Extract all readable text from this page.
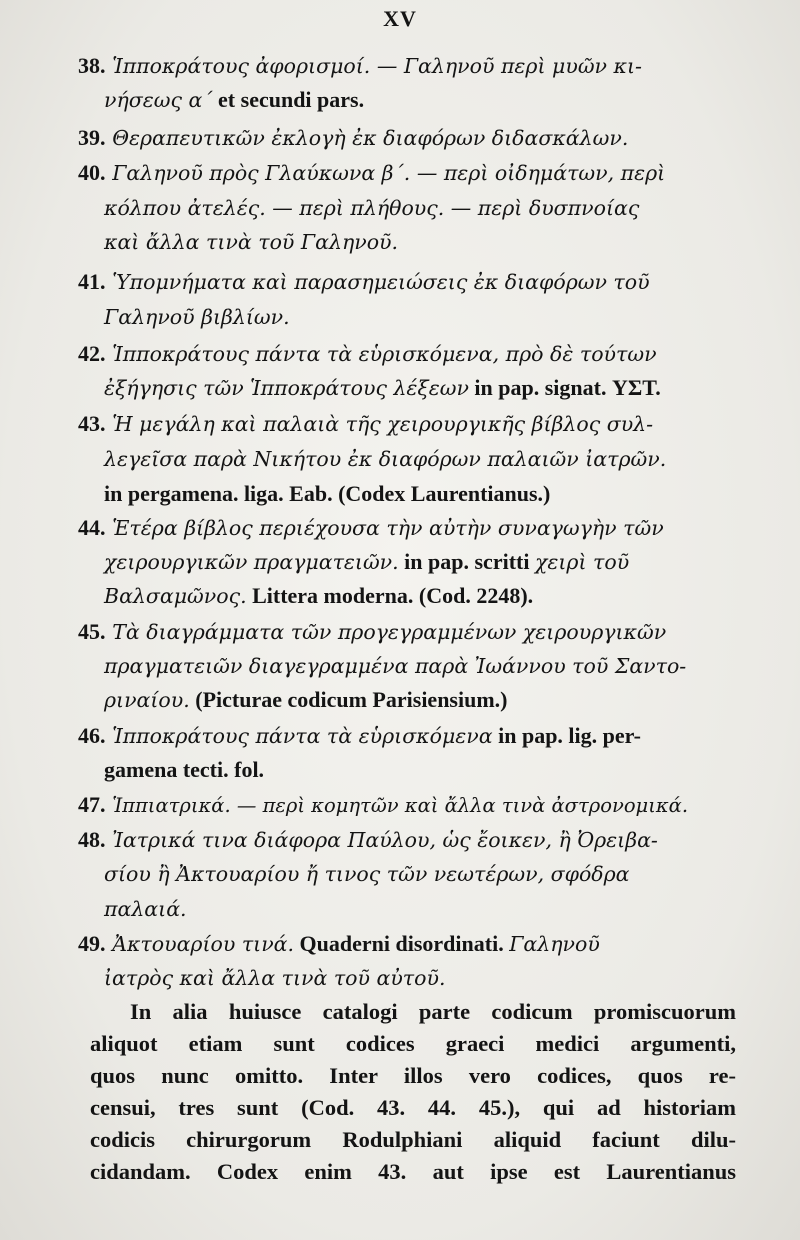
XV
38. Ἱπποκράτους ἀφορισμοί. — Γαληνοῦ περὶ μυῶν κι-
νήσεως α΄ et secundi pars.
39. Θεραπευτικῶν ἐκλογὴ ἐκ διαφόρων διδασκάλων.
40. Γαληνοῦ πρὸς Γλαύκωνα β΄. — περὶ οἰδημάτων, περὶ
κόλπου ἀτελές. — περὶ πλήθους. — περὶ δυσπνοίας
καὶ ἄλλα τινὰ τοῦ Γαληνοῦ.
41. Ὑπομνήματα καὶ παρασημειώσεις ἐκ διαφόρων τοῦ
Γαληνοῦ βιβλίων.
42. Ἱπποκράτους πάντα τὰ εὑρισκόμενα, πρὸ δὲ τούτων
ἐξήγησις τῶν Ἱπποκράτους λέξεων in pap. signat. ΥΣΤ.
43. Ἡ μεγάλη καὶ παλαιὰ τῆς χειρουργικῆς βίβλος συλ-
λεγεῖσα παρὰ Νικήτου ἐκ διαφόρων παλαιῶν ἰατρῶν.
in pergamena. liga. Eab. (Codex Laurentianus.)
44. Ἑτέρα βίβλος περιέχουσα τὴν αὐτὴν συναγωγὴν τῶν
χειρουργικῶν πραγματειῶν. in pap. scritti χειρὶ τοῦ
Βαλσαμῶνος. Littera moderna. (Cod. 2248).
45. Τὰ διαγράμματα τῶν προγεγραμμένων χειρουργικῶν
πραγματειῶν διαγεγραμμένα παρὰ Ἰωάννου τοῦ Σαντο-
ριναίου. (Picturae codicum Parisiensium.)
46. Ἱπποκράτους πάντα τὰ εὑρισκόμενα in pap. lig. per-
gamena tecti. fol.
47. Ἱππιατρικά. — περὶ κομητῶν καὶ ἄλλα τινὰ ἀστρονομικά.
48. Ἰατρικά τινα διάφορα Παύλου, ὡς ἔοικεν, ἢ Ὀρειβα-
σίου ἢ Ἀκτουαρίου ἤ τινος τῶν νεωτέρων, σφόδρα
παλαιά.
49. Ἀκτουαρίου τινά. Quaderni disordinati. Γαληνοῦ
ἰατρὸς καὶ ἄλλα τινὰ τοῦ αὐτοῦ.
In alia huiusce catalogi parte codicum promiscuorum
aliquot etiam sunt codices graeci medici argumenti,
quos nunc omitto. Inter illos vero codices, quos re-
censui, tres sunt (Cod. 43. 44. 45.), qui ad historiam
codicis chirurgorum Rodulphiani aliquid faciunt dilu-
cidandam. Codex enim 43. aut ipse est Laurentianus
